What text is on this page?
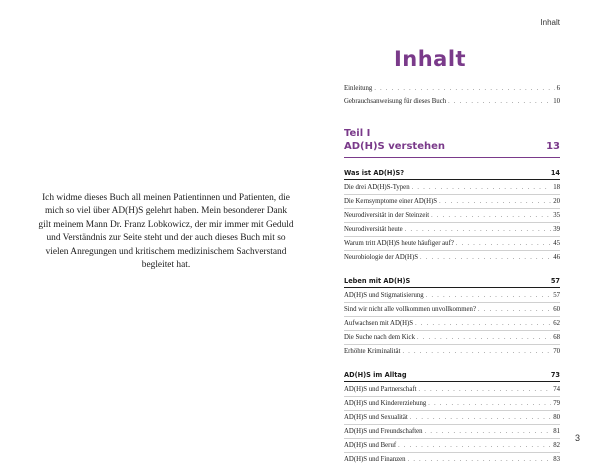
Ich widme dieses Buch all meinen Patientinnen und Patienten, die mich so viel über AD(H)S gelehrt haben. Mein besonderer Dank gilt meinem Mann Dr. Franz Lobkowicz, der mir immer mit Geduld und Verständnis zur Seite steht und der auch dieses Buch mit so vielen Anregungen und kritischem medizinischem Sachverstand begleitet hat.

Inhalt
Inhalt
Einleitung . . .	6
Gebrauchsanweisung für dieses Buch . . .	10
Teil I
AD(H)S verstehen	13
Was ist AD(H)S?	14
Die drei AD(H)S-Typen . . .	18
Die Kernsymptome einer AD(H)S . . .	20
Neurodiversität in der Steinzeit . . .	35
Neurodiversität heute . . .	39
Warum tritt AD(H)S heute häufiger auf? . . .	45
Neurobiologie der AD(H)S . . .	46
Leben mit AD(H)S	57
AD(H)S und Stigmatisierung . . .	57
Sind wir nicht alle vollkommen unvollkommen? . . .	60
Aufwachsen mit AD(H)S . . .	62
Die Suche nach dem Kick . . .	68
Erhöhte Kriminalität . . .	70
AD(H)S im Alltag	73
AD(H)S und Partnerschaft . . .	74
AD(H)S und Kindererziehung . . .	79
AD(H)S und Sexualität . . .	80
AD(H)S und Freundschaften . . .	81
AD(H)S und Beruf . . .	82
AD(H)S und Finanzen . . .	83
3
